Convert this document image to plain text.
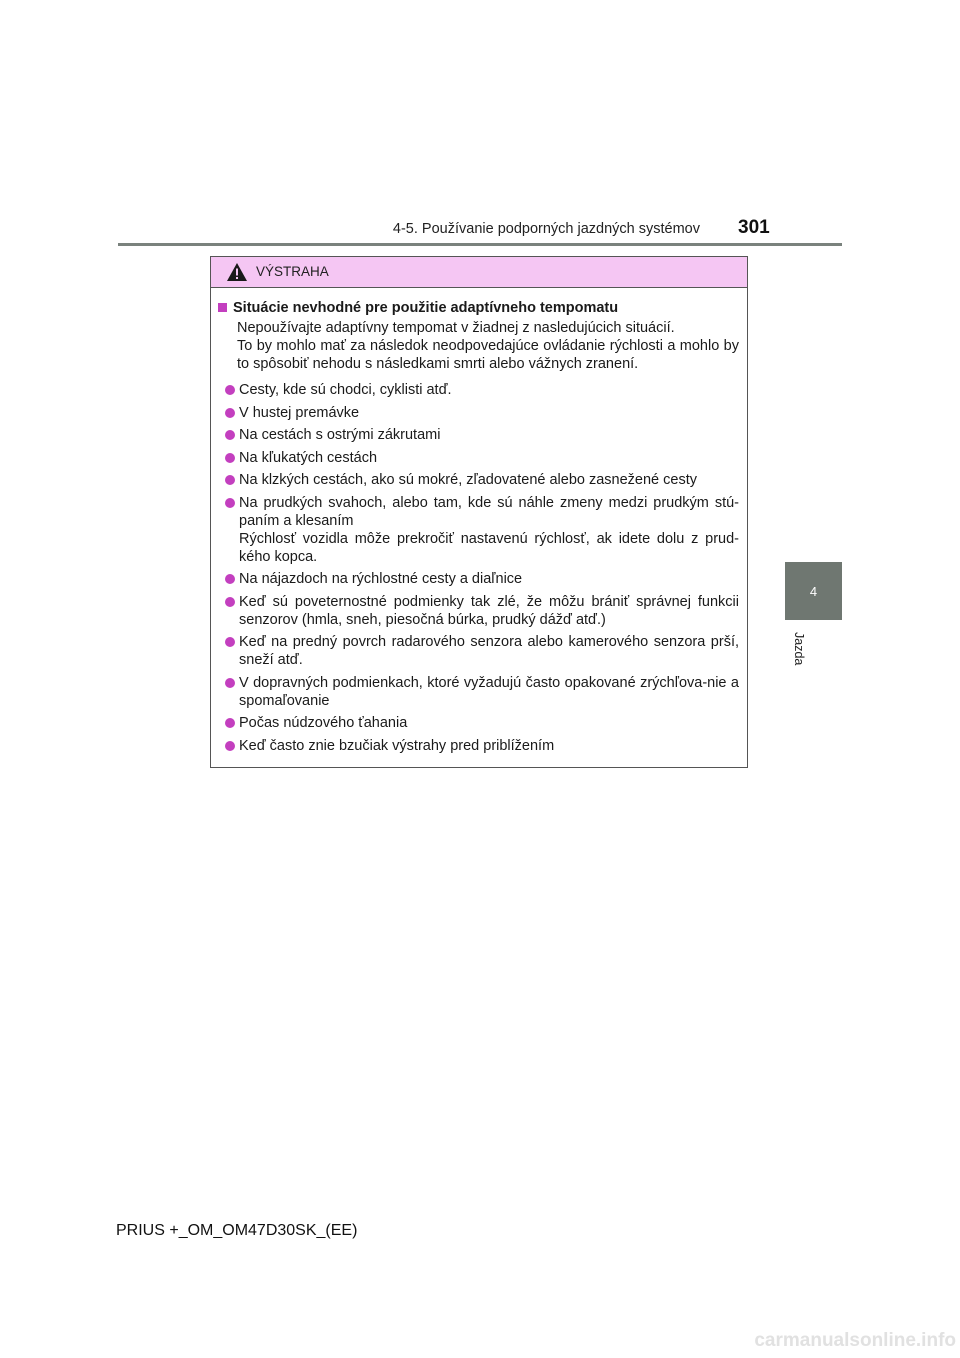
4-5. Používanie podporných jazdných systémov 301
4
Jazda
VÝSTRAHA
Situácie nevhodné pre použitie adaptívneho tempomatu
Nepoužívajte adaptívny tempomat v žiadnej z nasledujúcich situácií.
To by mohlo mať za následok neodpovedajúce ovládanie rýchlosti a mohlo by to spôsobiť nehodu s následkami smrti alebo vážnych zranení.
Cesty, kde sú chodci, cyklisti atď.
V hustej premávke
Na cestách s ostrými zákrutami
Na kľukatých cestách
Na klzkých cestách, ako sú mokré, zľadovatené alebo zasnežené cesty
Na prudkých svahoch, alebo tam, kde sú náhle zmeny medzi prudkým stú-paním a klesaním
Rýchlosť vozidla môže prekročiť nastavenú rýchlosť, ak idete dolu z prud-kého kopca.
Na nájazdoch na rýchlostné cesty a diaľnice
Keď sú poveternostné podmienky tak zlé, že môžu brániť správnej funkcii senzorov (hmla, sneh, piesočná búrka, prudký dážď atď.)
Keď na predný povrch radarového senzora alebo kamerového senzora prší, sneží atď.
V dopravných podmienkach, ktoré vyžadujú často opakované zrýchľova-nie a spomaľovanie
Počas núdzového ťahania
Keď často znie bzučiak výstrahy pred priblížením
PRIUS +_OM_OM47D30SK_(EE)
carmanualsonline.info
